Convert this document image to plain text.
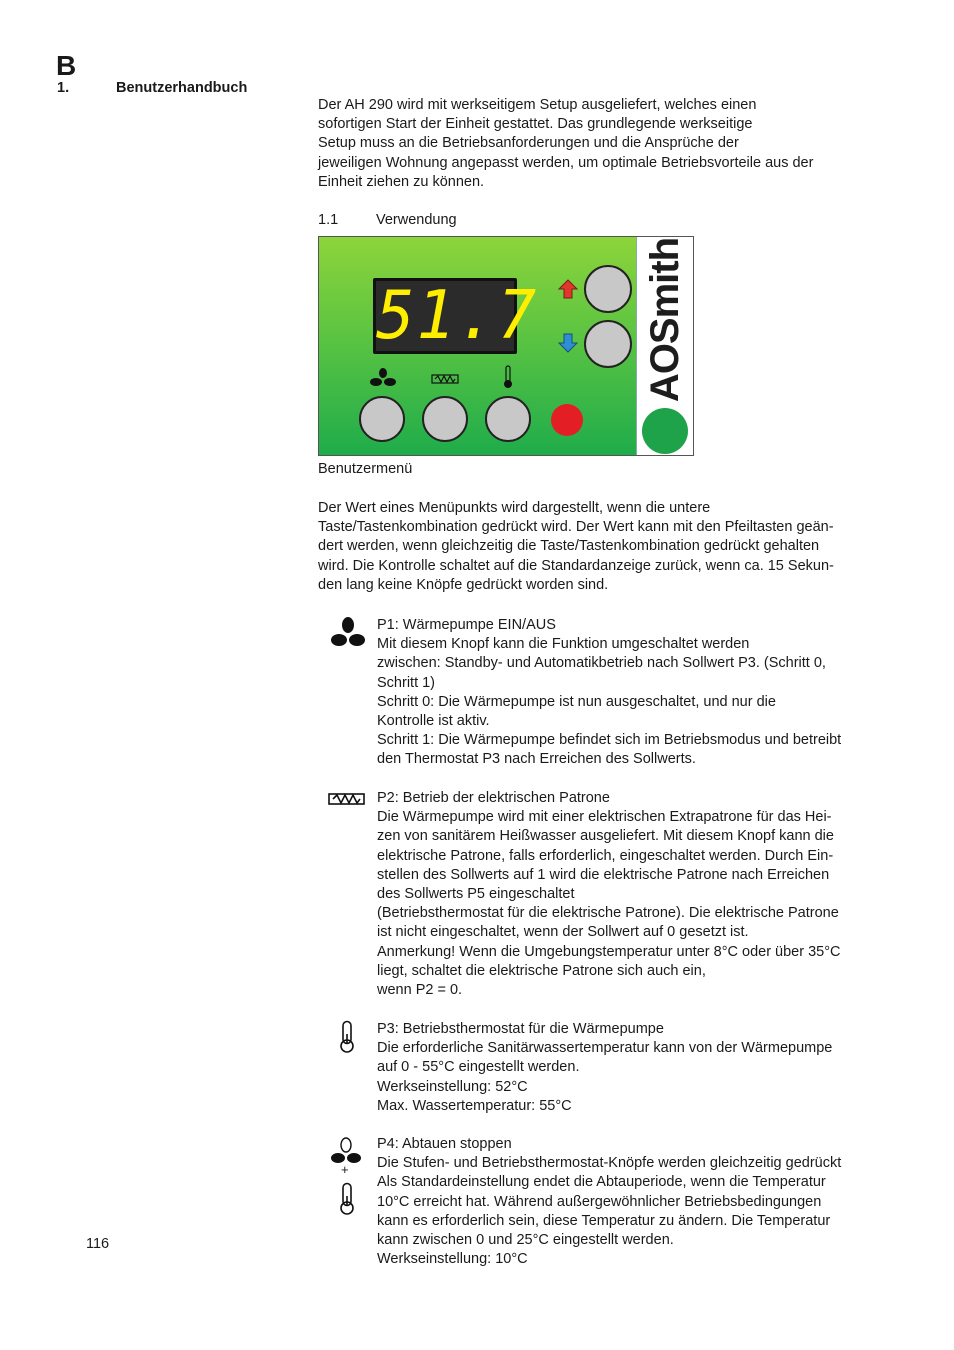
B
1.	Benutzerhandbuch
Der AH 290 wird mit werkseitigem Setup ausgeliefert, welches einen
sofortigen Start der Einheit gestattet. Das grundlegende werkseitige
Setup muss an die Betriebsanforderungen und die Ansprüche der
jeweiligen Wohnung angepasst werden, um optimale Betriebsvorteile aus der
Einheit ziehen zu können.
1.1	Verwendung
51.7	AOSmith
Benutzermenü
Der Wert eines Menüpunkts wird dargestellt, wenn die untere
Taste/Tastenkombination gedrückt wird. Der Wert kann mit den Pfeiltasten geän-
dert werden, wenn gleichzeitig die Taste/Tastenkombination gedrückt gehalten
wird. Die Kontrolle schaltet auf die Standardanzeige zurück, wenn ca. 15 Sekun-
den lang keine Knöpfe gedrückt worden sind.
P1: Wärmepumpe EIN/AUS
Mit diesem Knopf kann die Funktion umgeschaltet werden
zwischen: Standby- und Automatikbetrieb nach Sollwert P3. (Schritt 0,
Schritt 1)
Schritt 0: Die Wärmepumpe ist nun ausgeschaltet, und nur die
Kontrolle ist aktiv.
Schritt 1: Die Wärmepumpe befindet sich im Betriebsmodus und betreibt
den Thermostat P3 nach Erreichen des Sollwerts.
P2: Betrieb der elektrischen Patrone
Die Wärmepumpe wird mit einer elektrischen Extrapatrone für das Hei-
zen von sanitärem Heißwasser ausgeliefert. Mit diesem Knopf kann die
elektrische Patrone, falls erforderlich, eingeschaltet werden. Durch Ein-
stellen des Sollwerts auf 1 wird die elektrische Patrone nach Erreichen
des Sollwerts P5 eingeschaltet
(Betriebsthermostat für die elektrische Patrone). Die elektrische Patrone
ist nicht eingeschaltet, wenn der Sollwert auf 0 gesetzt ist.
Anmerkung! Wenn die Umgebungstemperatur unter 8°C oder über 35°C
liegt, schaltet die elektrische Patrone sich auch ein,
wenn P2 = 0.
P3: Betriebsthermostat für die Wärmepumpe
Die erforderliche Sanitärwassertemperatur kann von der Wärmepumpe
auf 0 - 55°C eingestellt werden.
Werkseinstellung: 52°C
Max. Wassertemperatur: 55°C
+
P4: Abtauen stoppen
Die Stufen- und Betriebsthermostat-Knöpfe werden gleichzeitig gedrückt
Als Standardeinstellung endet die Abtauperiode, wenn die Temperatur
10°C erreicht hat. Während außergewöhnlicher Betriebsbedingungen
kann es erforderlich sein, diese Temperatur zu ändern. Die Temperatur
kann zwischen 0 und 25°C eingestellt werden.
Werkseinstellung: 10°C
116
